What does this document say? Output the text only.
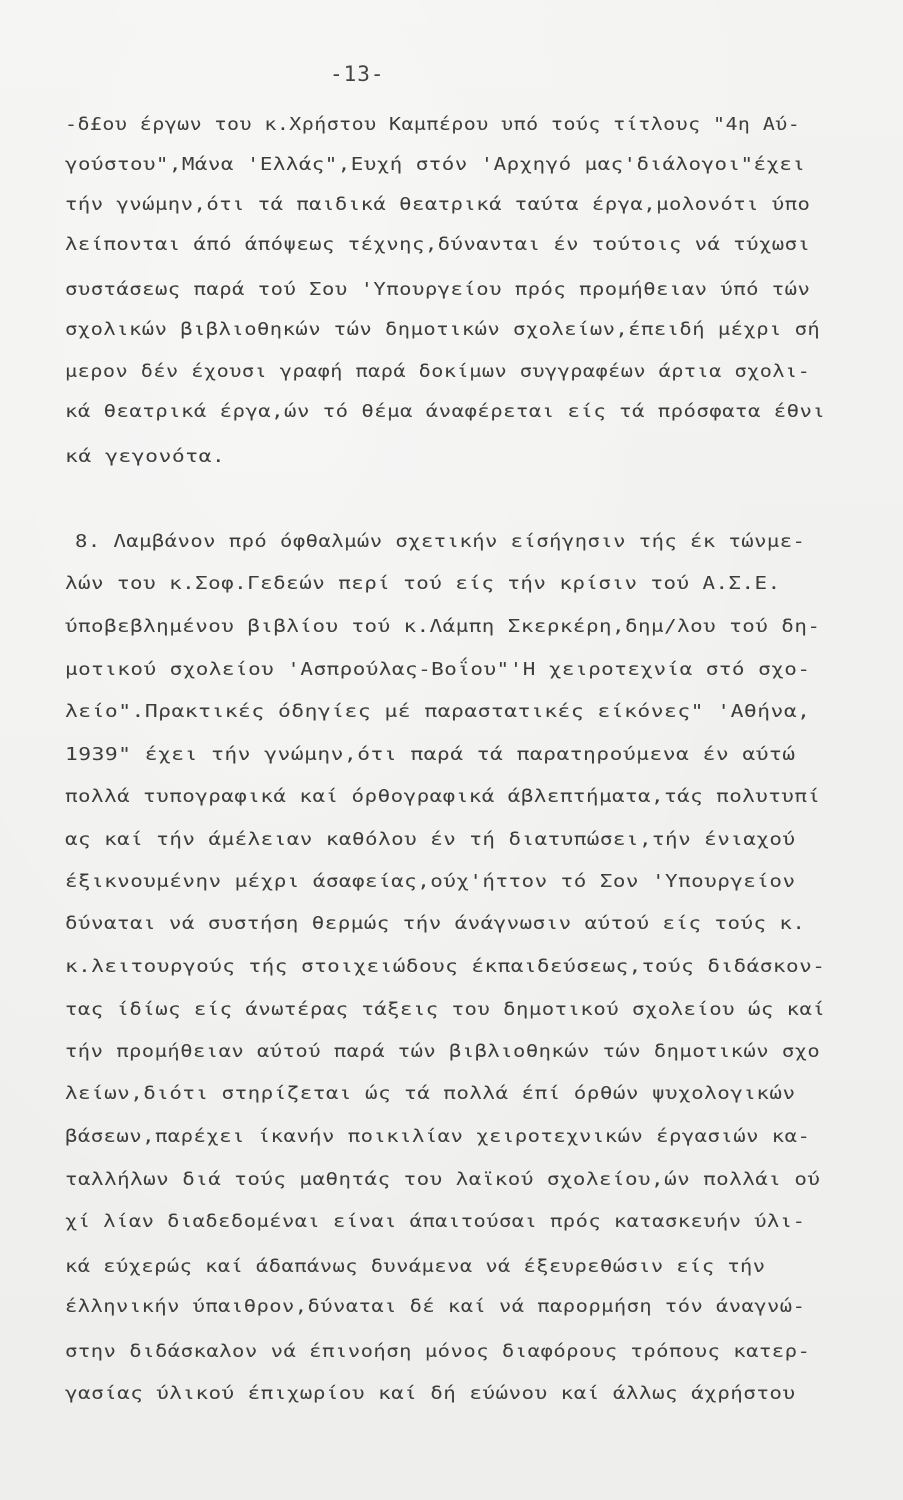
-13-
-δ£ου έργων του κ.Χρήστου Καμπέρου υπό τούς τίτλους "4η Αύ-
γούστου",Μάνα 'Ελλάς",Ευχή στόν 'Αρχηγό μας'διάλογοι"έχει
τήν γνώμην,ότι τά παιδικά θεατρικά ταύτα έργα,μολονότι ύπο
λείπονται άπό άπόψεως τέχνης,δύνανται έν τούτοις νά τύχωσι
συστάσεως παρά τού Σου 'Υπουργείου πρός προμήθειαν ύπό τών
σχολικών βιβλιοθηκών τών δημοτικών σχολείων,έπειδή μέχρι σή
μερον δέν έχουσι γραφή παρά δοκίμων συγγραφέων άρτια σχολι-
κά θεατρικά έργα,ών τό θέμα άναφέρεται είς τά πρόσφατα έθνι
κά γεγονότα.
8. Λαμβάνον πρό όφθαλμών σχετικήν είσήγησιν τής έκ τώνμε-
λών του κ.Σοφ.Γεδεών περί τού είς τήν κρίσιν τού Α.Σ.Ε.
ύποβεβλημένου βιβλίου τού κ.Λάμπη Σκερκέρη,δημ/λου τού δη-
μοτικού σχολείου 'Ασπρούλας-Βοΐου"'Η χειροτεχνία στό σχο-
λείο".Πρακτικές όδηγίες μέ παραστατικές είκόνες" 'Αθήνα,
1939" έχει τήν γνώμην,ότι παρά τά παρατηρούμενα έν αύτώ
πολλά τυπογραφικά καί όρθογραφικά άβλεπτήματα,τάς πολυτυπί
ας καί τήν άμέλειαν καθόλου έν τή διατυπώσει,τήν ένιαχού
έξικνουμένην μέχρι άσαφείας,ούχ'ήττον τό Σον 'Υπουργείον
δύναται νά συστήση θερμώς τήν άνάγνωσιν αύτού είς τούς κ.
κ.λειτουργούς τής στοιχειώδους έκπαιδεύσεως,τούς διδάσκον-
τας ίδίως είς άνωτέρας τάξεις του δημοτικού σχολείου ώς καί
τήν προμήθειαν αύτού παρά τών βιβλιοθηκών τών δημοτικών σχο
λείων,διότι στηρίζεται ώς τά πολλά έπί όρθών ψυχολογικών
βάσεων,παρέχει ίκανήν ποικιλίαν χειροτεχνικών έργασιών κα-
ταλλήλων διά τούς μαθητάς του λαϊκού σχολείου,ών πολλάι ού
χί λίαν διαδεδομέναι είναι άπαιτούσαι πρός κατασκευήν ύλι-
κά εύχερώς καί άδαπάνως δυνάμενα νά έξευρεθώσιν είς τήν
έλληνικήν ύπαιθρον,δύναται δέ καί νά παρορμήση τόν άναγνώ-
στην διδάσκαλον νά έπινοήση μόνος διαφόρους τρόπους κατερ-
γασίας ύλικού έπιχωρίου καί δή εύώνου καί άλλως άχρήστου
